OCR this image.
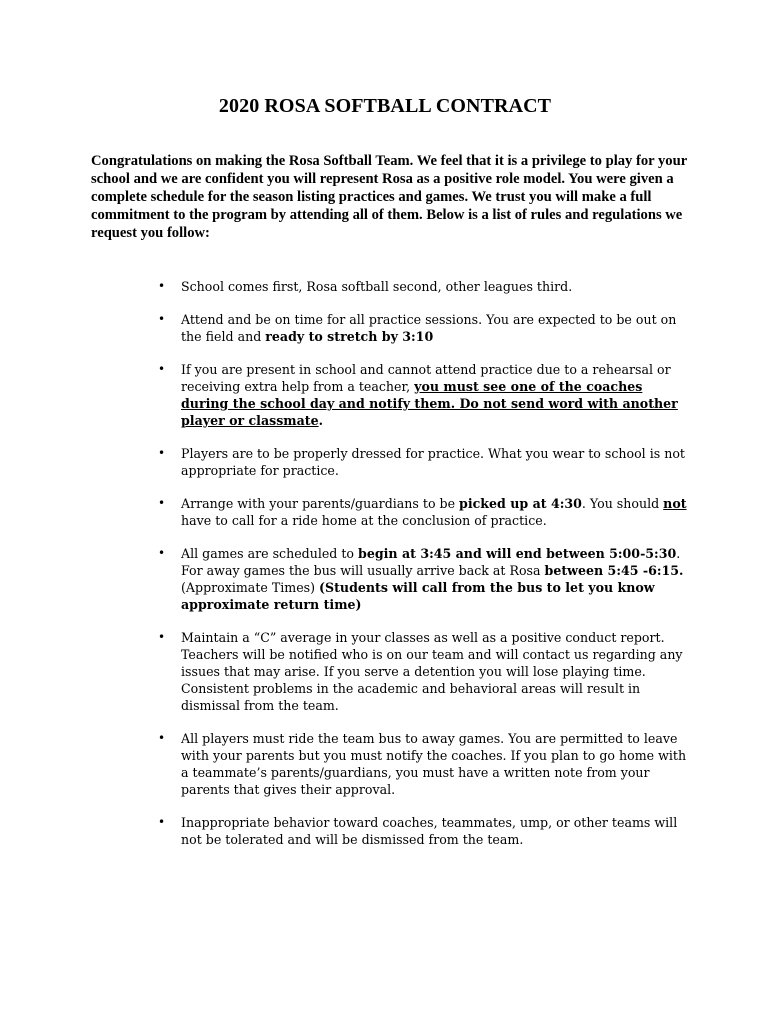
2020 ROSA SOFTBALL CONTRACT
Congratulations on making the Rosa Softball Team. We feel that it is a privilege to play for your school and we are confident you will represent Rosa as a positive role model. You were given a complete schedule for the season listing practices and games. We trust you will make a full commitment to the program by attending all of them. Below is a list of rules and regulations we request you follow:
• School comes first, Rosa softball second, other leagues third.
• Attend and be on time for all practice sessions. You are expected to be out on the field and ready to stretch by 3:10
• If you are present in school and cannot attend practice due to a rehearsal or receiving extra help from a teacher, you must see one of the coaches during the school day and notify them. Do not send word with another player or classmate.
• Players are to be properly dressed for practice. What you wear to school is not appropriate for practice.
• Arrange with your parents/guardians to be picked up at 4:30. You should not have to call for a ride home at the conclusion of practice.
• All games are scheduled to begin at 3:45 and will end between 5:00-5:30. For away games the bus will usually arrive back at Rosa between 5:45 -6:15. (Approximate Times) (Students will call from the bus to let you know approximate return time)
• Maintain a “C” average in your classes as well as a positive conduct report. Teachers will be notified who is on our team and will contact us regarding any issues that may arise. If you serve a detention you will lose playing time. Consistent problems in the academic and behavioral areas will result in dismissal from the team.
• All players must ride the team bus to away games. You are permitted to leave with your parents but you must notify the coaches. If you plan to go home with a teammate’s parents/guardians, you must have a written note from your parents that gives their approval.
• Inappropriate behavior toward coaches, teammates, ump, or other teams will not be tolerated and will be dismissed from the team.
